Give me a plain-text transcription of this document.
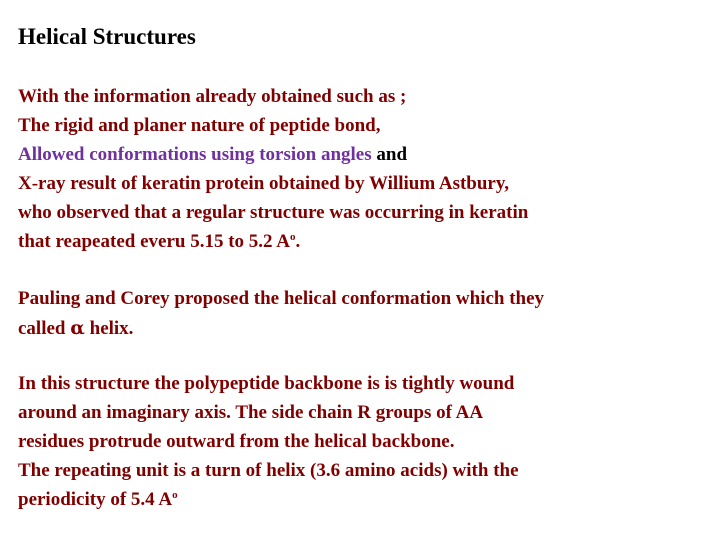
Helical Structures
With the information already obtained such as ;
The rigid and planer nature of peptide bond,
Allowed conformations using torsion angles and
X-ray result of keratin protein obtained by Willium Astbury,
who observed that a regular structure was occurring in keratin
that reapeated everu 5.15 to 5.2 $A^o$.
Pauling and Corey proposed the helical conformation which they
called α helix.
In this structure the polypeptide backbone is is tightly wound
around an imaginary axis. The side chain R groups of AA
residues protrude outward from the helical backbone.
The repeating unit is a turn of helix (3.6 amino acids) with the
periodicity of 5.4 $A^o$
